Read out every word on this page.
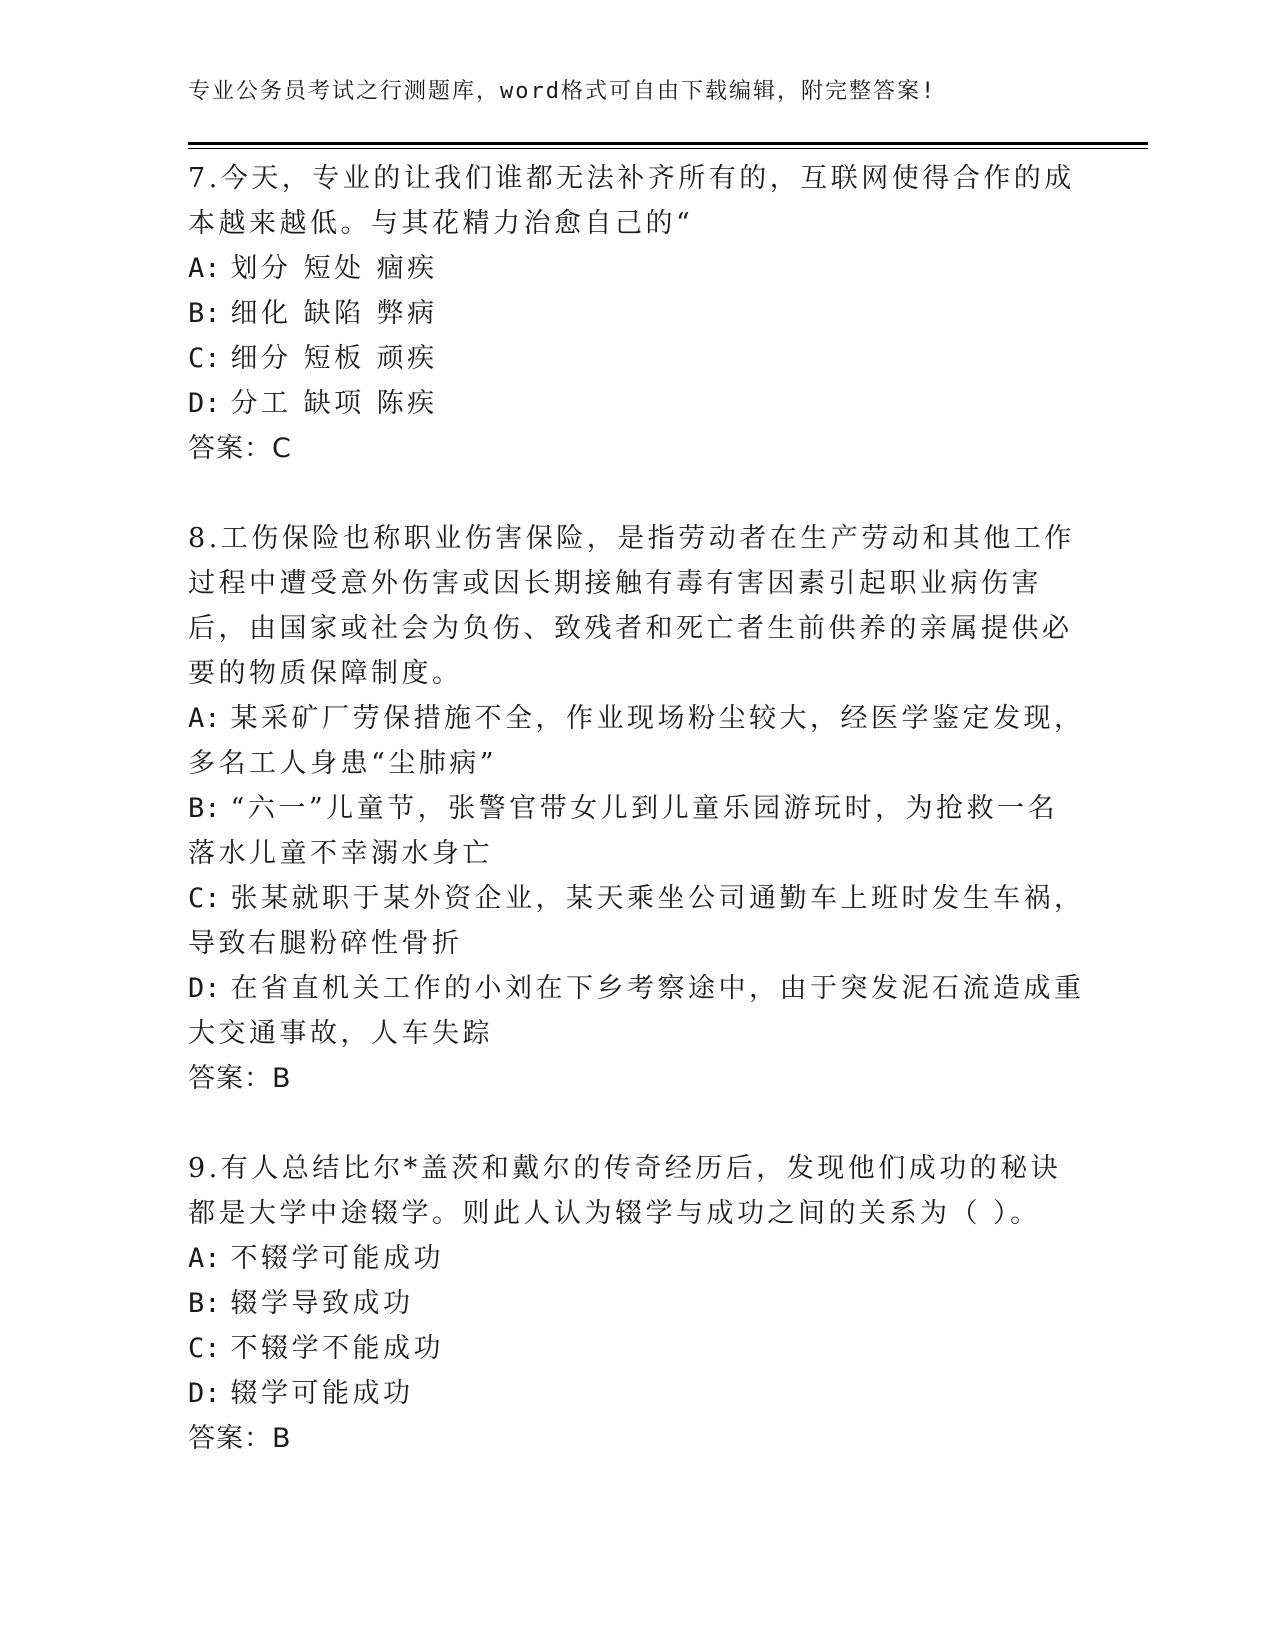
专业公务员考试之行测题库，word格式可自由下载编辑，附完整答案!

7.今天，专业的让我们谁都无法补齐所有的，互联网使得合作的成本越来越低。与其花精力治愈自己的“

A: 划分 短处 痼疾

B: 细化 缺陷 弊病

C: 细分 短板 顽疾

D: 分工 缺项 陈疾

答案：C

8.工伤保险也称职业伤害保险，是指劳动者在生产劳动和其他工作过程中遭受意外伤害或因长期接触有毒有害因素引起职业病伤害后，由国家或社会为负伤、致残者和死亡者生前供养的亲属提供必要的物质保障制度。

A: 某采矿厂劳保措施不全，作业现场粉尘较大，经医学鉴定发现，多名工人身患“尘肺病”

B: “六一”儿童节，张警官带女儿到儿童乐园游玩时，为抢救一名落水儿童不幸溺水身亡

C: 张某就职于某外资企业，某天乘坐公司通勤车上班时发生车祸，导致右腿粉碎性骨折

D: 在省直机关工作的小刘在下乡考察途中，由于突发泥石流造成重大交通事故，人车失踪

答案：B

9.有人总结比尔*盖茨和戴尔的传奇经历后，发现他们成功的秘诀都是大学中途辍学。则此人认为辍学与成功之间的关系为（ ）。

A: 不辍学可能成功

B: 辍学导致成功

C: 不辍学不能成功

D: 辍学可能成功

答案：B
